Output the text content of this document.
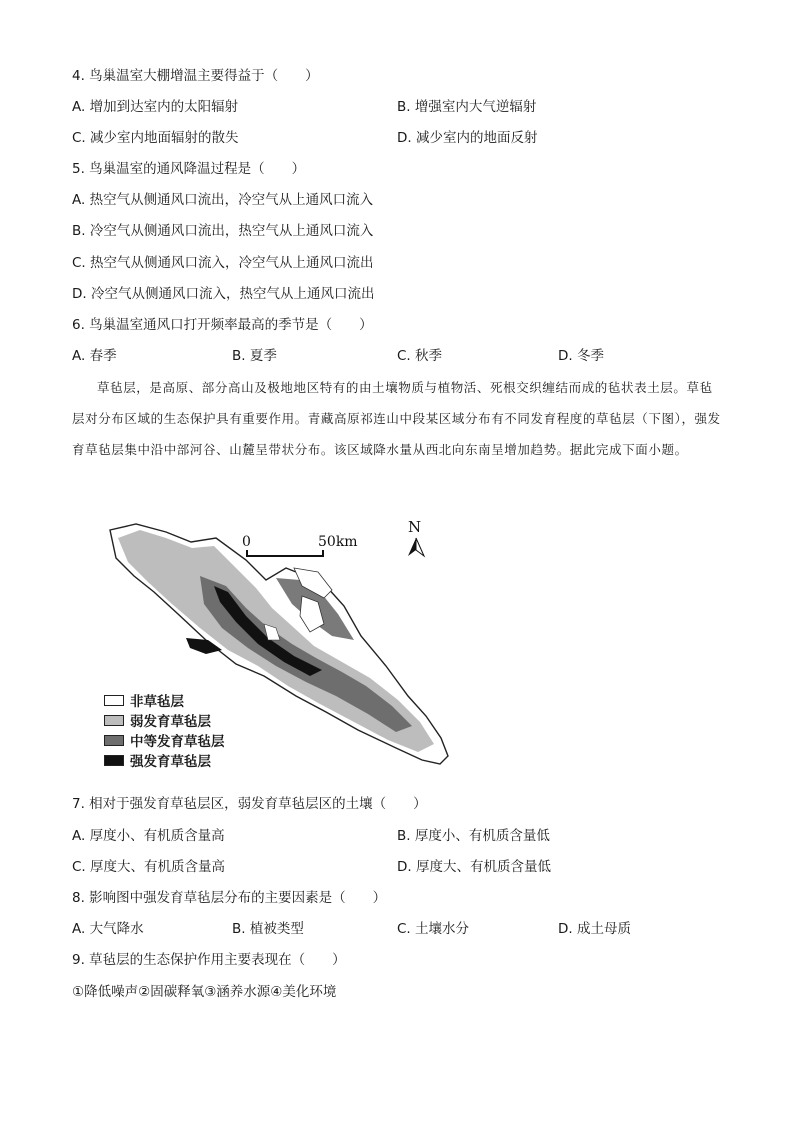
4. 鸟巢温室大棚增温主要得益于（　　）
A. 增加到达室内的太阳辐射	B. 增强室内大气逆辐射
C. 减少室内地面辐射的散失	D. 减少室内的地面反射
5. 鸟巢温室的通风降温过程是（　　）
A. 热空气从侧通风口流出，冷空气从上通风口流入
B. 冷空气从侧通风口流出，热空气从上通风口流入
C. 热空气从侧通风口流入，冷空气从上通风口流出
D. 冷空气从侧通风口流入，热空气从上通风口流出
6. 鸟巢温室通风口打开频率最高的季节是（　　）
A. 春季	B. 夏季	C. 秋季	D. 冬季
草毡层，是高原、部分高山及极地地区特有的由土壤物质与植物活、死根交织缠结而成的毡状表土层。草毡层对分布区域的生态保护具有重要作用。青藏高原祁连山中段某区域分布有不同发育程度的草毡层（下图），强发育草毡层集中沿中部河谷、山麓呈带状分布。该区域降水量从西北向东南呈增加趋势。据此完成下面小题。
0	50km
N
非草毡层
弱发育草毡层
中等发育草毡层
强发育草毡层
7. 相对于强发育草毡层区，弱发育草毡层区的土壤（　　）
A. 厚度小、有机质含量高	B. 厚度小、有机质含量低
C. 厚度大、有机质含量高	D. 厚度大、有机质含量低
8. 影响图中强发育草毡层分布的主要因素是（　　）
A. 大气降水	B. 植被类型	C. 土壤水分	D. 成土母质
9. 草毡层的生态保护作用主要表现在（　　）
①降低噪声②固碳释氧③涵养水源④美化环境
